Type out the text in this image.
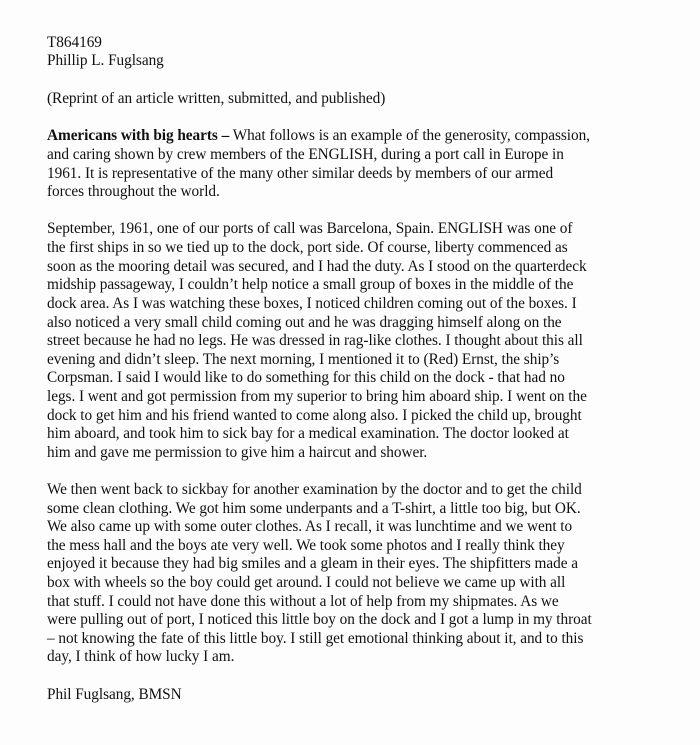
T864169
Phillip L. Fuglsang
(Reprint of an article written, submitted, and published)
Americans with big hearts – What follows is an example of the generosity, compassion,
and caring shown by crew members of the ENGLISH, during a port call in Europe in
1961. It is representative of the many other similar deeds by members of our armed
forces throughout the world.
September, 1961, one of our ports of call was Barcelona, Spain. ENGLISH was one of
the first ships in so we tied up to the dock, port side. Of course, liberty commenced as
soon as the mooring detail was secured, and I had the duty. As I stood on the quarterdeck
midship passageway, I couldn’t help notice a small group of boxes in the middle of the
dock area. As I was watching these boxes, I noticed children coming out of the boxes. I
also noticed a very small child coming out and he was dragging himself along on the
street because he had no legs. He was dressed in rag-like clothes. I thought about this all
evening and didn’t sleep. The next morning, I mentioned it to (Red) Ernst, the ship’s
Corpsman. I said I would like to do something for this child on the dock - that had no
legs. I went and got permission from my superior to bring him aboard ship. I went on the
dock to get him and his friend wanted to come along also. I picked the child up, brought
him aboard, and took him to sick bay for a medical examination. The doctor looked at
him and gave me permission to give him a haircut and shower.
We then went back to sickbay for another examination by the doctor and to get the child
some clean clothing. We got him some underpants and a T-shirt, a little too big, but OK.
We also came up with some outer clothes. As I recall, it was lunchtime and we went to
the mess hall and the boys ate very well. We took some photos and I really think they
enjoyed it because they had big smiles and a gleam in their eyes. The shipfitters made a
box with wheels so the boy could get around. I could not believe we came up with all
that stuff. I could not have done this without a lot of help from my shipmates. As we
were pulling out of port, I noticed this little boy on the dock and I got a lump in my throat
– not knowing the fate of this little boy. I still get emotional thinking about it, and to this
day, I think of how lucky I am.
Phil Fuglsang, BMSN
